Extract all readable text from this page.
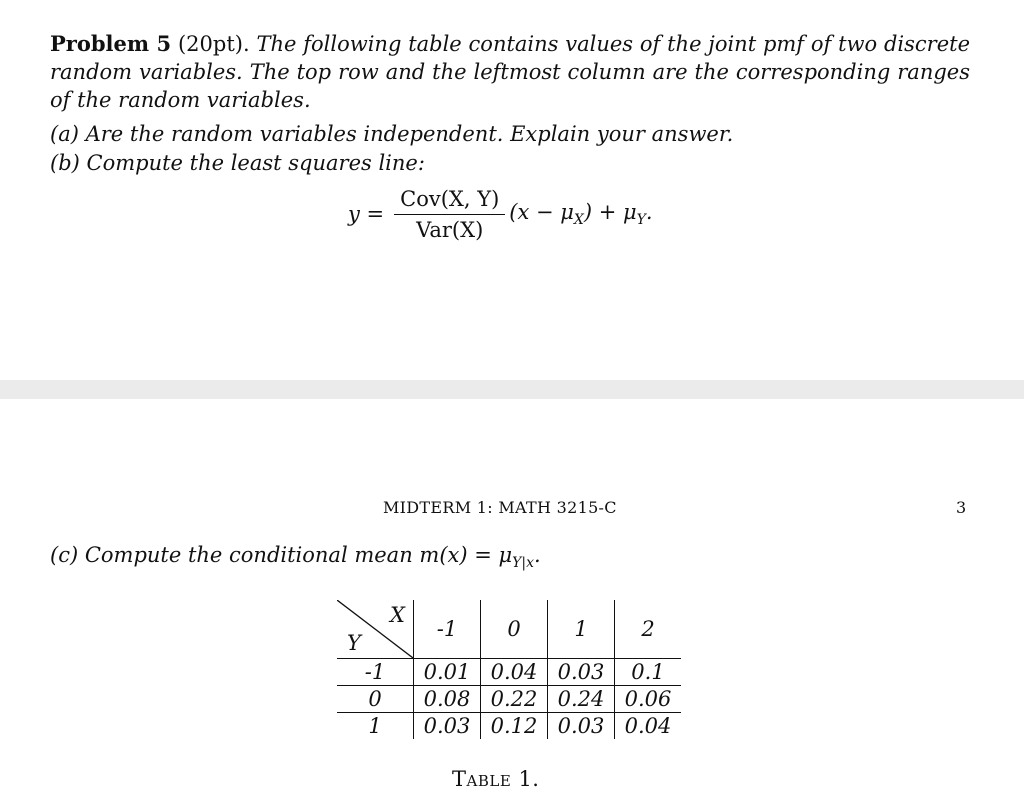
Problem 5 (20pt). The following table contains values of the joint pmf of two discrete random variables. The top row and the leftmost column are the corresponding ranges of the random variables.
(a) Are the random variables independent. Explain your answer.
(b) Compute the least squares line:
$y = \frac{\text{Cov(X, Y)}}{\text{Var(X)}} (x - \mu_X) + \mu_Y$.
MIDTERM 1: MATH 3215-C	3
(c) Compute the conditional mean $m(x) = \mu_{Y|x}$.
X
Y	-1	0	1	2
-1	0.01	0.04	0.03	0.1
0	0.08	0.22	0.24	0.06
1	0.03	0.12	0.03	0.04
Table 1.
